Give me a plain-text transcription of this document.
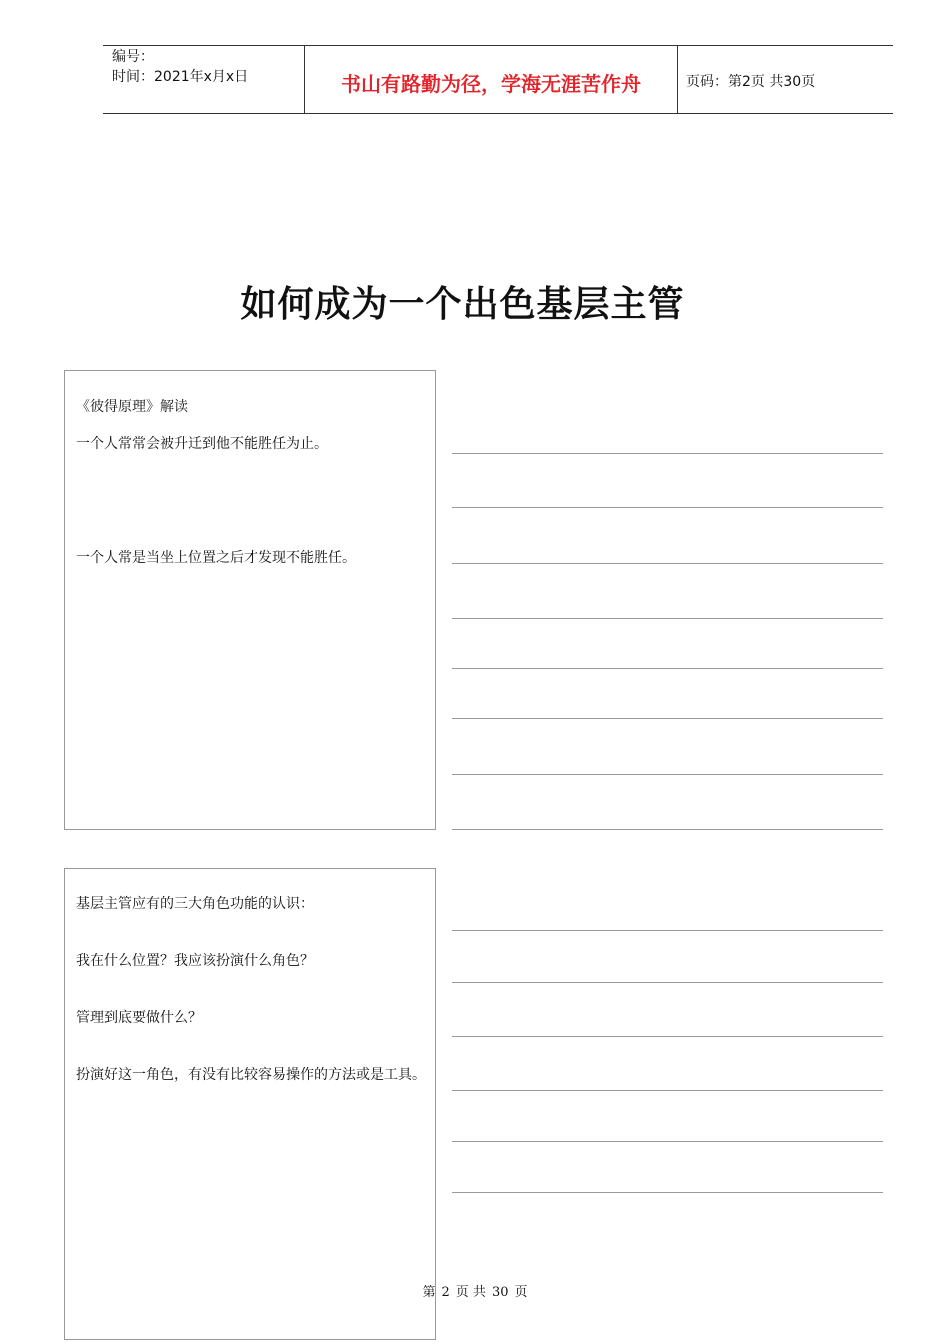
编号：
时间：2021年x月x日	书山有路勤为径，学海无涯苦作舟	页码：第2页 共30页
如何成为一个出色基层主管

《彼得原理》解读

一个人常常会被升迁到他不能胜任为止。

一个人常是当坐上位置之后才发现不能胜任。

基层主管应有的三大角色功能的认识：

我在什么位置？我应该扮演什么角色？

管理到底要做什么？

扮演好这一角色，有没有比较容易操作的方法或是工具。

第 2 页 共 30 页
